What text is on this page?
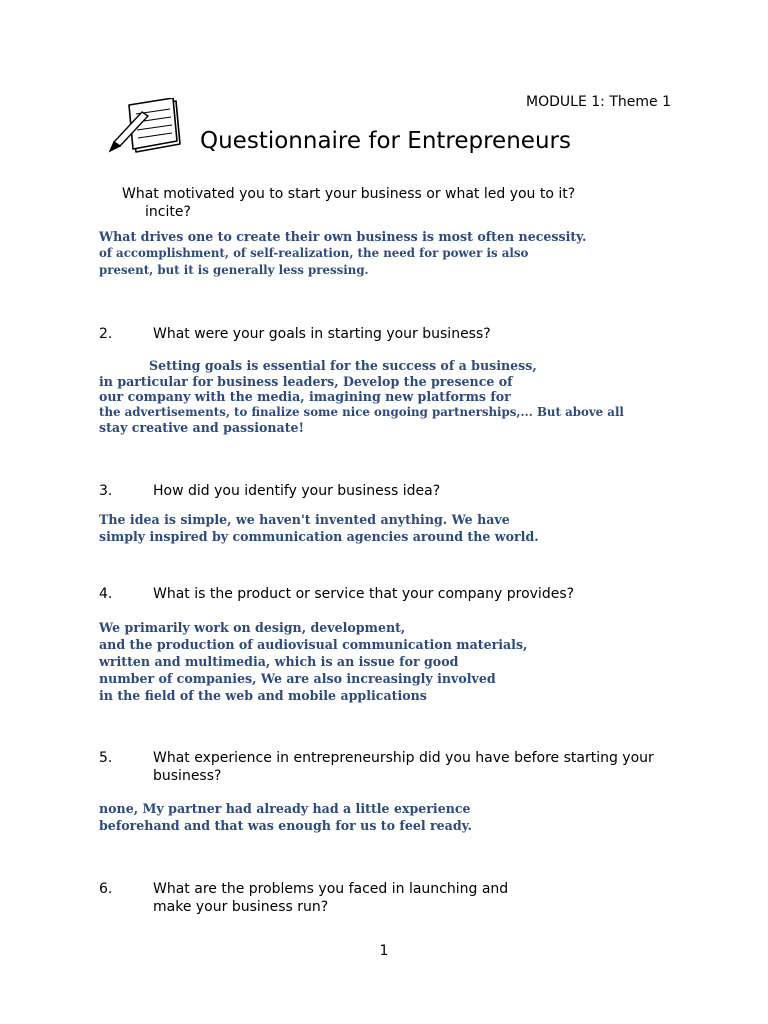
MODULE 1: Theme 1
Questionnaire for Entrepreneurs
What motivated you to start your business or what led you to it?
incite?
What drives one to create their own business is most often necessity.
of accomplishment, of self-realization, the need for power is also
present, but it is generally less pressing.
2.	What were your goals in starting your business?
Setting goals is essential for the success of a business,
in particular for business leaders, Develop the presence of
our company with the media, imagining new platforms for
the advertisements, to finalize some nice ongoing partnerships,... But above all
stay creative and passionate!
3.	How did you identify your business idea?
The idea is simple, we haven't invented anything. We have
simply inspired by communication agencies around the world.
4.	What is the product or service that your company provides?
We primarily work on design, development,
and the production of audiovisual communication materials,
written and multimedia, which is an issue for good
number of companies, We are also increasingly involved
in the field of the web and mobile applications
5.	What experience in entrepreneurship did you have before starting your
business?
none, My partner had already had a little experience
beforehand and that was enough for us to feel ready.
6.	What are the problems you faced in launching and
make your business run?
1
